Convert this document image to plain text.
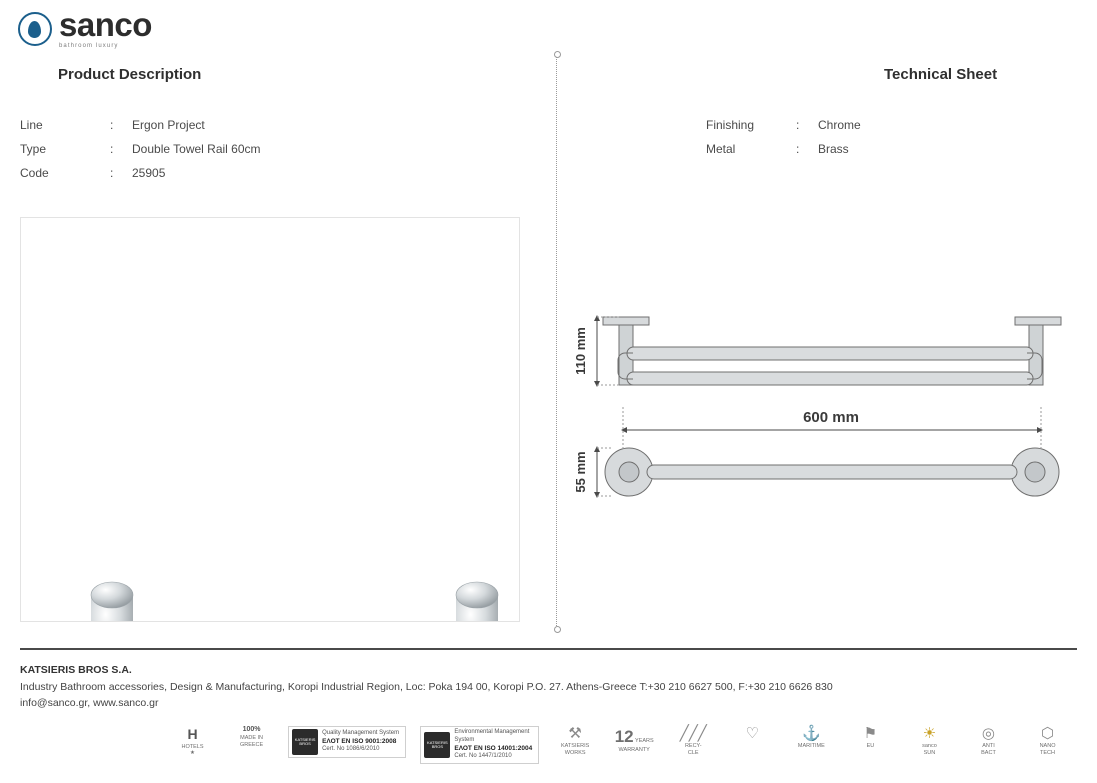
sanco
bathroom luxury
Product Description	Technical Sheet
Line	:	Ergon Project
Type	:	Double Towel Rail 60cm
Code	:	25905
Finishing	:	Chrome
Metal	:	Brass
110 mm
55 mm
600 mm
KATSIERIS BROS S.A.
Industry Bathroom accessories, Design & Manufacturing, Koropi Industrial Region, Loc: Poka 194 00, Koropi P.O. 27. Athens-Greece T:+30 210 6627 500, F:+30 210 6626 830
info@sanco.gr, www.sanco.gr
Η
HOTELS
★
100%
MADE IN
GREECE
KATSIERIS BROS
Quality Management System
ΕΛΟΤ ΕΝ ISO 9001:2008
Cert. No 1086/6/2010
KATSIERIS BROS
Environmental Management System
ΕΛΟΤ ΕΝ ISO 14001:2004
Cert. No 1447/1/2010
⚒
KATSIERIS
WORKS
12 YEARS
WARRANTY
╱╱╱
RECY-
CLE
♡	⚓
MARITIME
⚑
EU
☀
sanco
SUN
◎
ANTI
BACT
⬡
NANO
TECH
